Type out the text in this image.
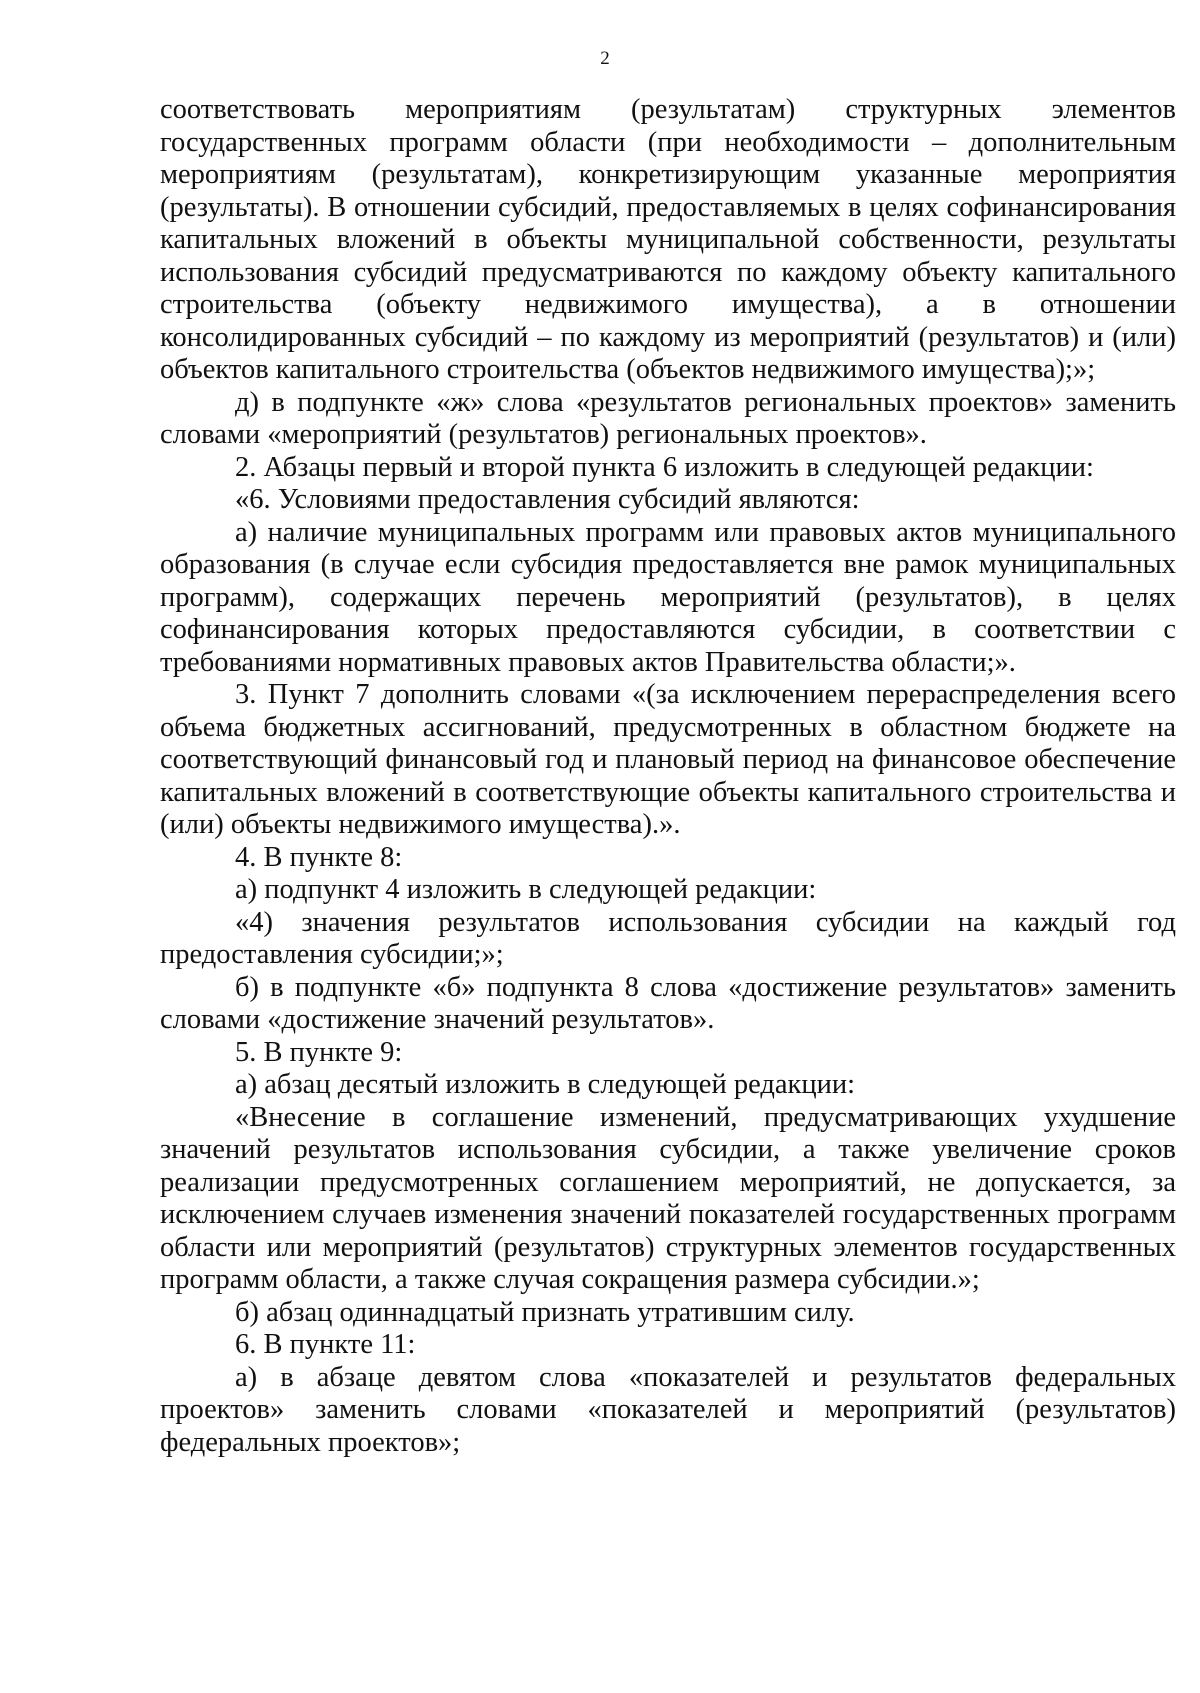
2

соответствовать мероприятиям (результатам) структурных элементов государственных программ области (при необходимости – дополнительным мероприятиям (результатам), конкретизирующим указанные мероприятия (результаты). В отношении субсидий, предоставляемых в целях софинансирования капитальных вложений в объекты муниципальной собственности, результаты использования субсидий предусматриваются по каждому объекту капитального строительства (объекту недвижимого имущества), а в отношении консолидированных субсидий – по каждому из мероприятий (результатов) и (или) объектов капитального строительства (объектов недвижимого имущества);»;

д) в подпункте «ж» слова «результатов региональных проектов» заменить словами «мероприятий (результатов) региональных проектов».

2. Абзацы первый и второй пункта 6 изложить в следующей редакции:

«6. Условиями предоставления субсидий являются:

а) наличие муниципальных программ или правовых актов муниципального образования (в случае если субсидия предоставляется вне рамок муниципальных программ), содержащих перечень мероприятий (результатов), в целях софинансирования которых предоставляются субсидии, в соответствии с требованиями нормативных правовых актов Правительства области;».

3. Пункт 7 дополнить словами «(за исключением перераспределения всего объема бюджетных ассигнований, предусмотренных в областном бюджете на соответствующий финансовый год и плановый период на финансовое обеспечение капитальных вложений в соответствующие объекты капитального строительства и (или) объекты недвижимого имущества).».

4. В пункте 8:

а) подпункт 4 изложить в следующей редакции:

«4) значения результатов использования субсидии на каждый год предоставления субсидии;»;

б) в подпункте «б» подпункта 8 слова «достижение результатов» заменить словами «достижение значений результатов».

5. В пункте 9:

а) абзац десятый изложить в следующей редакции:

«Внесение в соглашение изменений, предусматривающих ухудшение значений результатов использования субсидии, а также увеличение сроков реализации предусмотренных соглашением мероприятий, не допускается, за исключением случаев изменения значений показателей государственных программ области или мероприятий (результатов) структурных элементов государственных программ области, а также случая сокращения размера субсидии.»;

б) абзац одиннадцатый признать утратившим силу.

6. В пункте 11:

а) в абзаце девятом слова «показателей и результатов федеральных проектов» заменить словами «показателей и мероприятий (результатов) федеральных проектов»;
